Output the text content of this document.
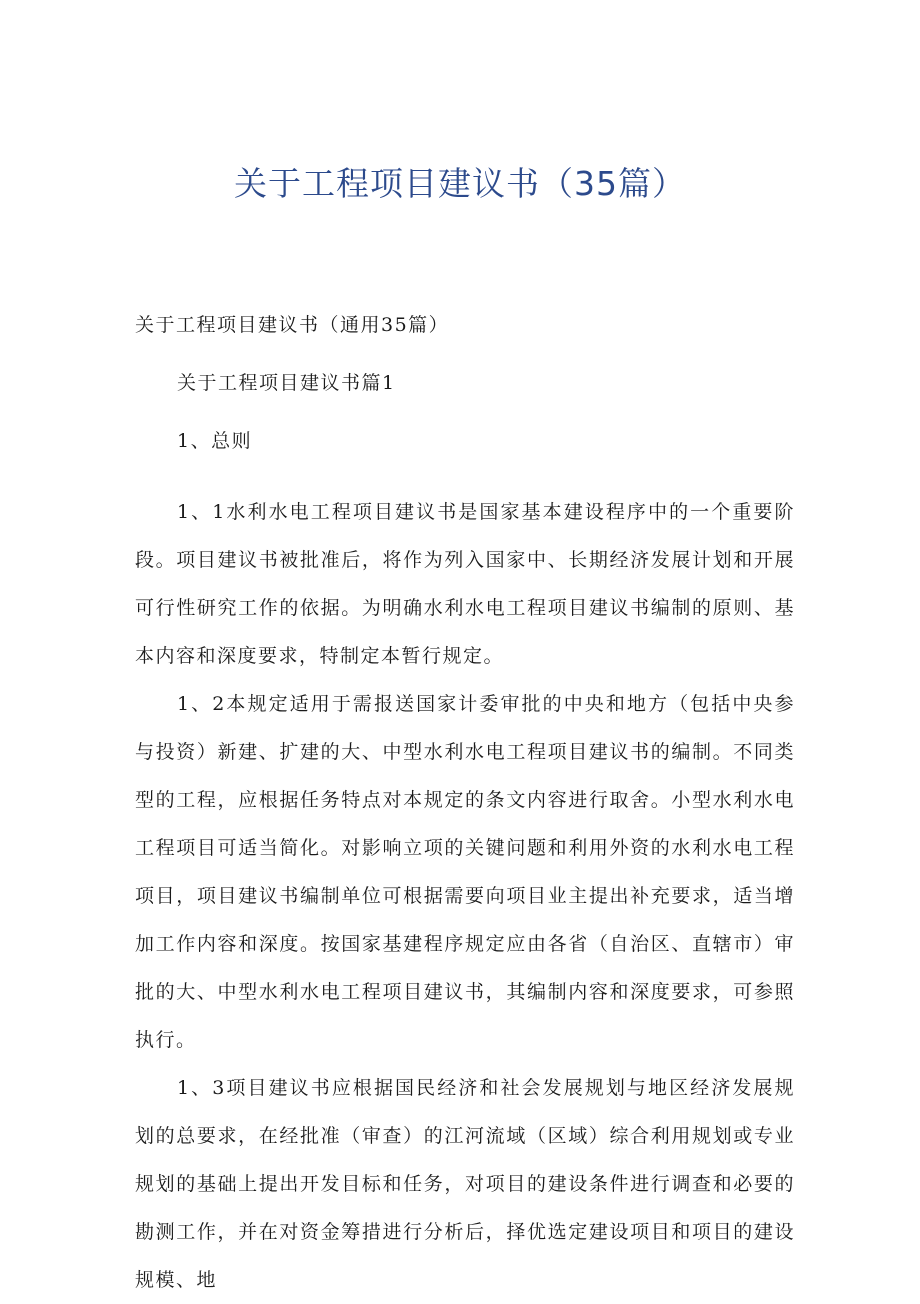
关于工程项目建议书（35篇）

关于工程项目建议书（通用35篇）

关于工程项目建议书篇1

1、总则

1、1水利水电工程项目建议书是国家基本建设程序中的一个重要阶段。项目建议书被批准后，将作为列入国家中、长期经济发展计划和开展可行性研究工作的依据。为明确水利水电工程项目建议书编制的原则、基本内容和深度要求，特制定本暂行规定。

1、2本规定适用于需报送国家计委审批的中央和地方（包括中央参与投资）新建、扩建的大、中型水利水电工程项目建议书的编制。不同类型的工程，应根据任务特点对本规定的条文内容进行取舍。小型水利水电工程项目可适当简化。对影响立项的关键问题和利用外资的水利水电工程项目，项目建议书编制单位可根据需要向项目业主提出补充要求，适当增加工作内容和深度。按国家基建程序规定应由各省（自治区、直辖市）审批的大、中型水利水电工程项目建议书，其编制内容和深度要求，可参照执行。

1、3项目建议书应根据国民经济和社会发展规划与地区经济发展规划的总要求，在经批准（审查）的江河流域（区域）综合利用规划或专业规划的基础上提出开发目标和任务，对项目的建设条件进行调查和必要的勘测工作，并在对资金筹措进行分析后，择优选定建设项目和项目的建设规模、地
